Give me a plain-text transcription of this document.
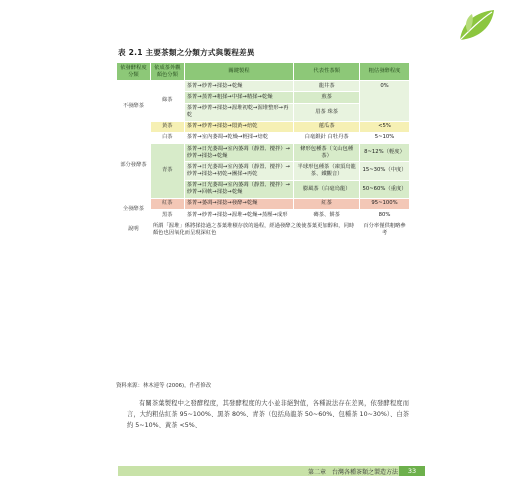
表 2.1 主要茶類之分類方式與製程差異
依發酵程度分類	依成茶外觀顏色分類	關鍵製程	代表性茶類	粗估發酵程度
不發酵茶	綠茶	茶菁→炒菁→揉捻→乾燥	龍井茶	0%
		茶菁→蒸菁→粗揉→中揉→精揉→乾燥	煎茶	
		茶菁→炒菁→揉捻→渥堆初乾→渥堆整形→再乾	眉茶 珠茶	
	黃茶	茶菁→炒菁→揉捻→悶黃→焙乾	蓮瓜茶	<5%
部分發酵茶	白茶	茶菁→室內萎凋→乾燥→輕揉→焙乾	白毫銀針 白牡丹茶	5~10%
	青茶	茶菁→日光萎凋→室內萎凋（靜置、攪拌）→炒菁→揉捻→乾燥	條形包種茶（文山包種茶）	8~12%（輕度）
		茶菁→日光萎凋→室內萎凋（靜置、攪拌）→炒菁→揉捻→初乾→團揉→再乾	半球形包種茶（凍頂烏龍茶、鐵觀音）	15~30%（中度）
		茶菁→日光萎凋→室內萎凋（靜置、攪拌）→炒菁→回軟→揉捻→乾燥	膨風茶（白毫烏龍）	50~60%（重度）
全發酵茶	紅茶	茶菁→萎凋→揉捻→發酵→乾燥	紅茶	95~100%
	黑茶	茶菁→炒菁→揉捻→渥堆→乾燥→蒸壓→成形	磚茶、餅茶	80%
說明	所謂「渥堆」係將揉捻過之茶葉堆積存放的過程，經過發酵之後使茶葉更加醇和，同時顏色也因氧化而呈現深紅色			百分率僅供粗略參考
資料來源：林木連等 (2006)，作者修改

有關茶葉製程中之發酵程度，其發酵程度的大小並非絕對值，各種說法存在差異，依發酵程度而言，大約粗估紅茶 95~100%、黑茶 80%、青茶（包括烏龍茶 50~60%、包種茶 10~30%）、白茶約 5~10%、黃茶 <5%、

第二章　台灣各種茶類之製造方法	33
